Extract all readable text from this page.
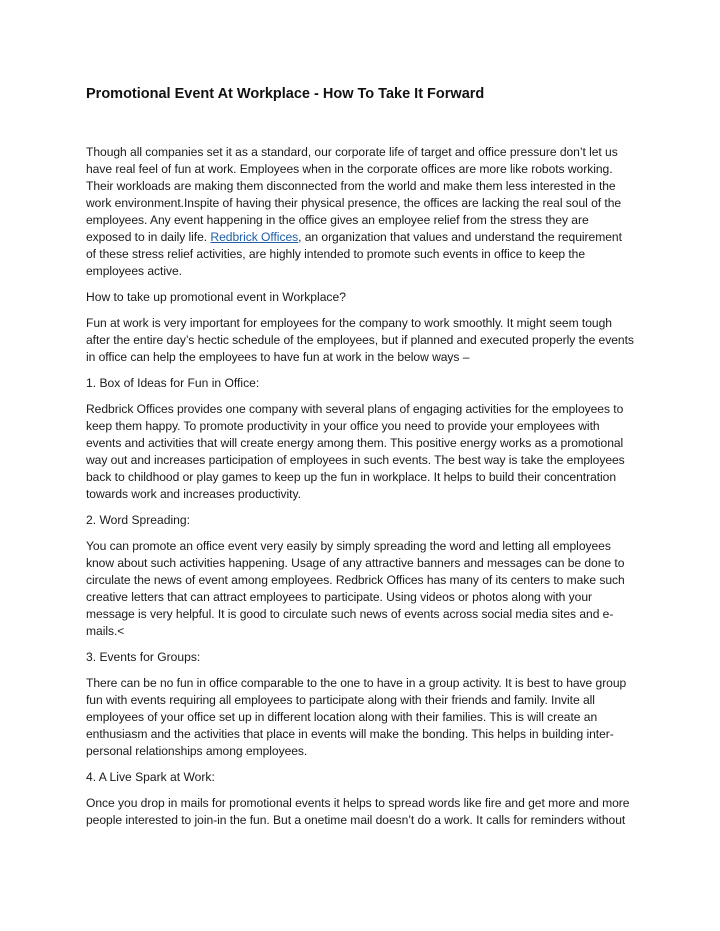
Promotional Event At Workplace - How To Take It Forward

Though all companies set it as a standard, our corporate life of target and office pressure don’t let us have real feel of fun at work. Employees when in the corporate offices are more like robots working. Their workloads are making them disconnected from the world and make them less interested in the work environment.Inspite of having their physical presence, the offices are lacking the real soul of the employees. Any event happening in the office gives an employee relief from the stress they are exposed to in daily life. Redbrick Offices, an organization that values and understand the requirement of these stress relief activities, are highly intended to promote such events in office to keep the employees active.

How to take up promotional event in Workplace?

Fun at work is very important for employees for the company to work smoothly. It might seem tough after the entire day’s hectic schedule of the employees, but if planned and executed properly the events in office can help the employees to have fun at work in the below ways –

1. Box of Ideas for Fun in Office:

Redbrick Offices provides one company with several plans of engaging activities for the employees to keep them happy. To promote productivity in your office you need to provide your employees with events and activities that will create energy among them. This positive energy works as a promotional way out and increases participation of employees in such events. The best way is take the employees back to childhood or play games to keep up the fun in workplace. It helps to build their concentration towards work and increases productivity.

2. Word Spreading:

You can promote an office event very easily by simply spreading the word and letting all employees know about such activities happening. Usage of any attractive banners and messages can be done to circulate the news of event among employees. Redbrick Offices has many of its centers to make such creative letters that can attract employees to participate. Using videos or photos along with your message is very helpful. It is good to circulate such news of events across social media sites and e-mails.<

3. Events for Groups:

There can be no fun in office comparable to the one to have in a group activity. It is best to have group fun with events requiring all employees to participate along with their friends and family. Invite all employees of your office set up in different location along with their families. This is will create an enthusiasm and the activities that place in events will make the bonding. This helps in building inter-personal relationships among employees.

4. A Live Spark at Work:

Once you drop in mails for promotional events it helps to spread words like fire and get more and more people interested to join-in the fun. But a onetime mail doesn’t do a work. It calls for reminders without
